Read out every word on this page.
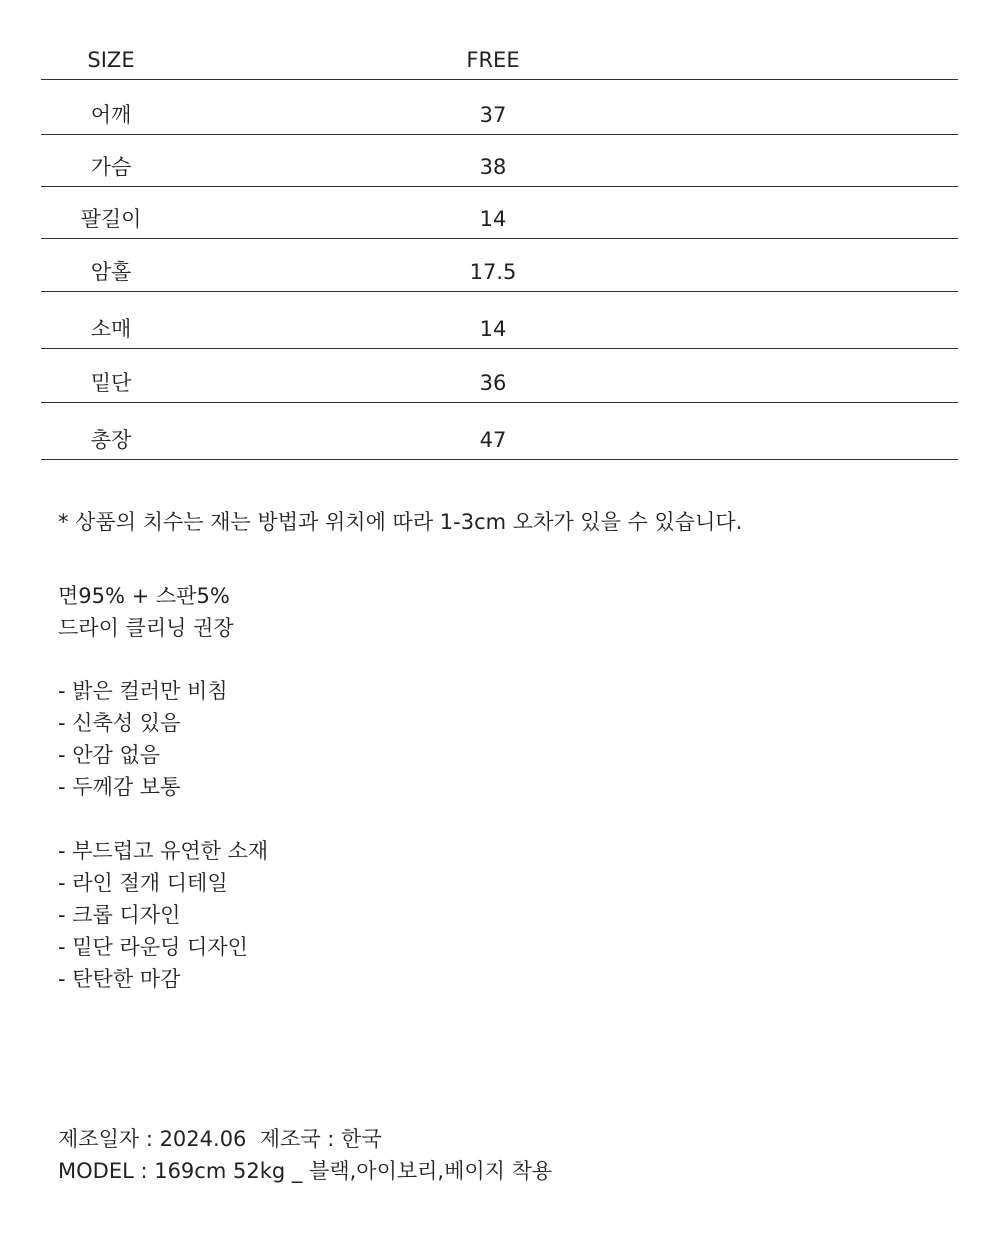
SIZE	FREE
어깨	37
가슴	38
팔길이	14
암홀	17.5
소매	14
밑단	36
총장	47
* 상품의 치수는 재는 방법과 위치에 따라 1-3cm 오차가 있을 수 있습니다.
면95% + 스판5%
드라이 클리닝 권장
- 밝은 컬러만 비침
- 신축성 있음
- 안감 없음
- 두께감 보통
- 부드럽고 유연한 소재
- 라인 절개 디테일
- 크롭 디자인
- 밑단 라운딩 디자인
- 탄탄한 마감

제조일자 : 2024.06  제조국 : 한국

MODEL : 169cm 52kg _ 블랙,아이보리,베이지 착용
